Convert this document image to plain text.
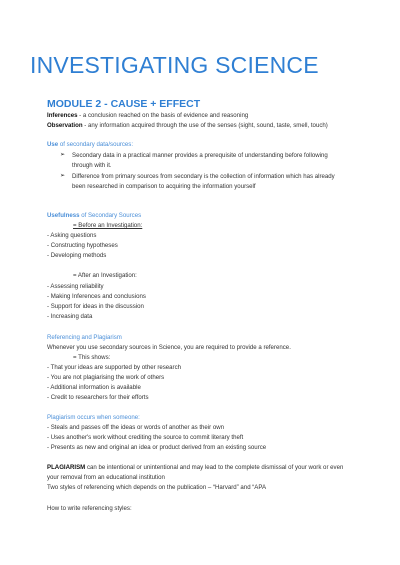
INVESTIGATING SCIENCE
MODULE 2 - CAUSE + EFFECT
Inferences - a conclusion reached on the basis of evidence and reasoning
Observation - any information acquired through the use of the senses (sight, sound, taste, smell, touch)
Use of secondary data/sources:
➢ Secondary data in a practical manner provides a prerequisite of understanding before following
through with it.
➢ Difference from primary sources from secondary is the collection of information which has already
been researched in comparison to acquiring the information yourself
Usefulness of Secondary Sources
= Before an Investigation:
- Asking questions
- Constructing hypotheses
- Developing methods
= After an Investigation:
- Assessing reliability
- Making Inferences and conclusions
- Support for ideas in the discussion
- Increasing data
Referencing and Plagiarism
Whenever you use secondary sources in Science, you are required to provide a reference.
= This shows:
- That your ideas are supported by other research
- You are not plagiarising the work of others
- Additional information is available
- Credit to researchers for their efforts
Plagiarism occurs when someone:
- Steals and passes off the ideas or words of another as their own
- Uses another's work without crediting the source to commit literary theft
- Presents as new and original an idea or product derived from an existing source
PLAGIARISM can be intentional or unintentional and may lead to the complete dismissal of your work or even
your removal from an educational institution
Two styles of referencing which depends on the publication – “Harvard” and “APA
How to write referencing styles:
